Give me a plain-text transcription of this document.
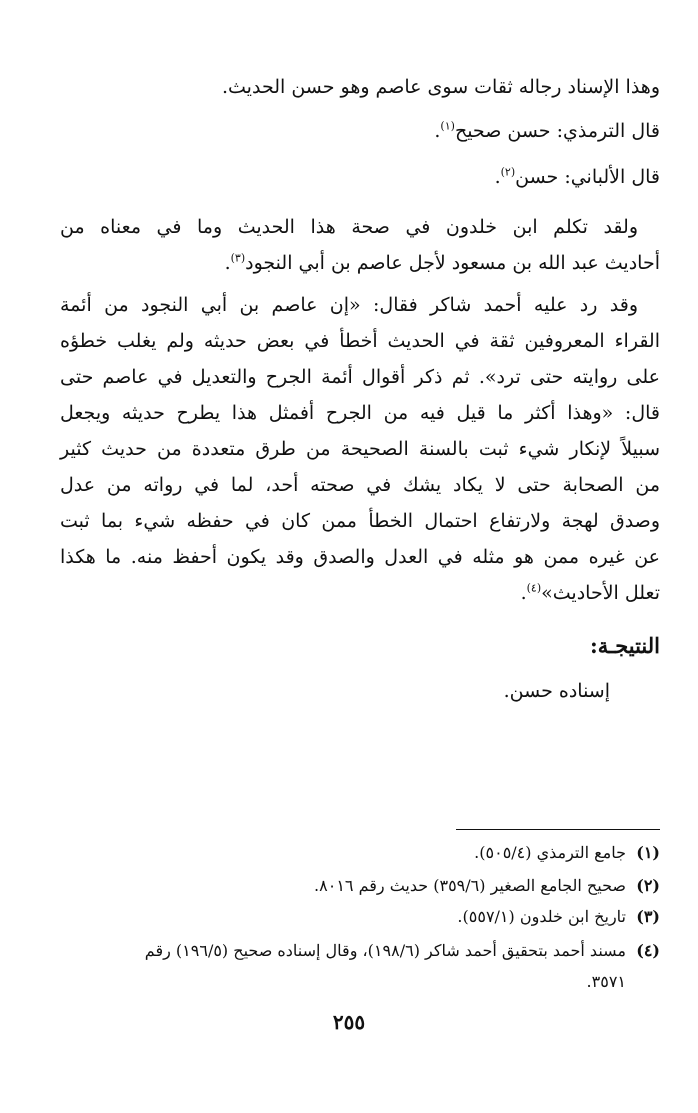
وهذا الإسناد رجاله ثقات سوى عاصم وهو حسن الحديث.
قال الترمذي: حسن صحيح$^{(١)}$.
قال الألباني: حسن$^{(٢)}$.
ولقد تكلم ابن خلدون في صحة هذا الحديث وما في معناه من
أحاديث عبد الله بن مسعود لأجل عاصم بن أبي النجود$^{(٣)}$.
وقد رد عليه أحمد شاكر فقال: «إن عاصم بن أبي النجود من أئمة
القراء المعروفين ثقة في الحديث أخطأ في بعض حديثه ولم يغلب خطؤه
على روايته حتى ترد». ثم ذكر أقوال أئمة الجرح والتعديل في عاصم حتى
قال: «وهذا أكثر ما قيل فيه من الجرح أفمثل هذا يطرح حديثه ويجعل
سبيلاً لإنكار شيء ثبت بالسنة الصحيحة من طرق متعددة من حديث كثير
من الصحابة حتى لا يكاد يشك في صحته أحد، لما في رواته من عدل
وصدق لهجة ولارتفاع احتمال الخطأ ممن كان في حفظه شيء بما ثبت
عن غيره ممن هو مثله في العدل والصدق وقد يكون أحفظ منه. ما هكذا
تعلل الأحاديث»$^{(٤)}$.
النتيجـة:
إسناده حسن.
(١)جامع الترمذي (٥٠٥/٤).
(٢)صحيح الجامع الصغير (٣٥٩/٦) حديث رقم ٨٠١٦.
(٣)تاريخ ابن خلدون (٥٥٧/١).
(٤)مسند أحمد بتحقيق أحمد شاكر (١٩٨/٦)، وقال إسناده صحيح (١٩٦/٥) رقم
٣٥٧١.
٢٥٥
